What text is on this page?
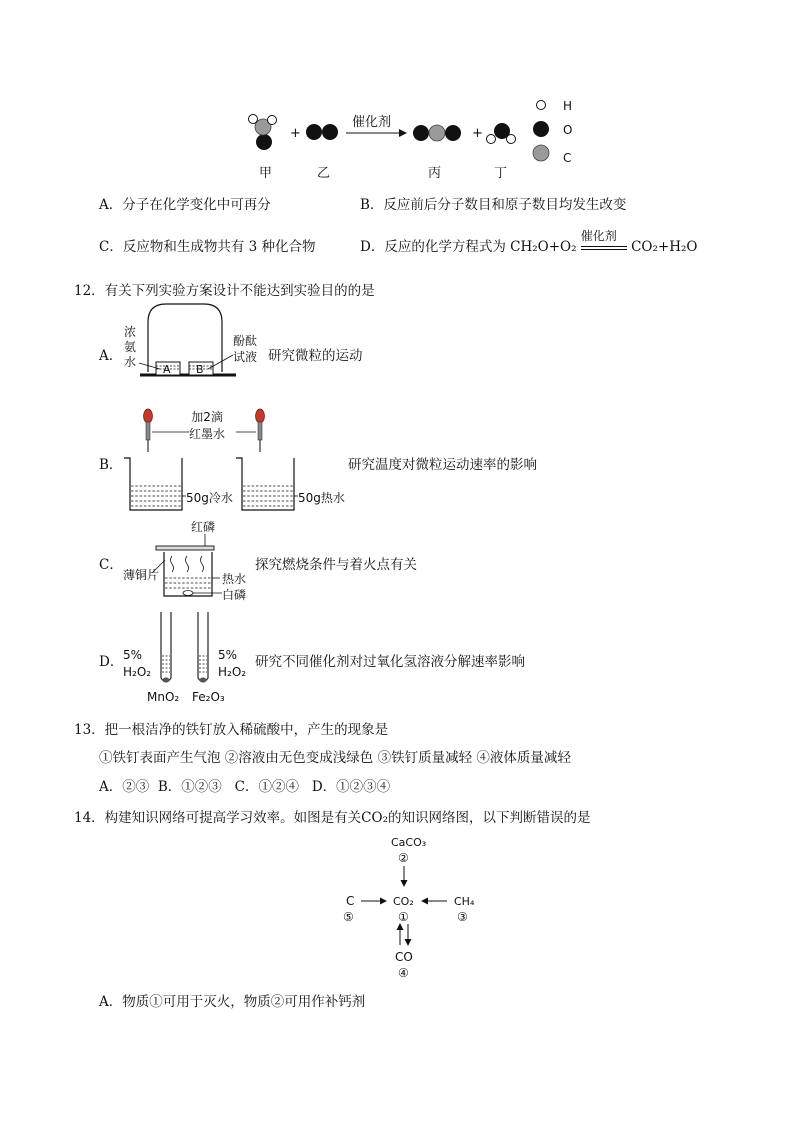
+
催化剂
+
甲	乙	丙	丁
H
O
C
A．分子在化学变化中可再分	B．反应前后分子数目和原子数目均发生改变
C．反应物和生成物共有 3 种化合物	D．反应的化学方程式为 CH₂O+O₂
催化剂
CO₂+H₂O
12．有关下列实验方案设计不能达到实验目的的是
A．
A B
浓
氨
水
酚酞
试液 研究微粒的运动
B．
加2滴
红墨水
50g冷水	50g热水
研究温度对微粒运动速率的影响
C．
红磷
薄铜片	热水
白磷
探究燃烧条件与着火点有关
D． 5%
H₂O₂
5%
H₂O₂
MnO₂ Fe₂O₃
研究不同催化剂对过氧化氢溶液分解速率影响
13．把一根洁净的铁钉放入稀硫酸中，产生的现象是
①铁钉表面产生气泡 ②溶液由无色变成浅绿色 ③铁钉质量减轻 ④液体质量减轻
A．②③  B．①②③   C．①②④   D．①②③④
14．构建知识网络可提高学习效率。如图是有关CO₂的知识网络图，以下判断错误的是
CaCO₃
②
C
⑤
CO₂
①
CH₄
③
CO
④
A．物质①可用于灭火，物质②可用作补钙剂
